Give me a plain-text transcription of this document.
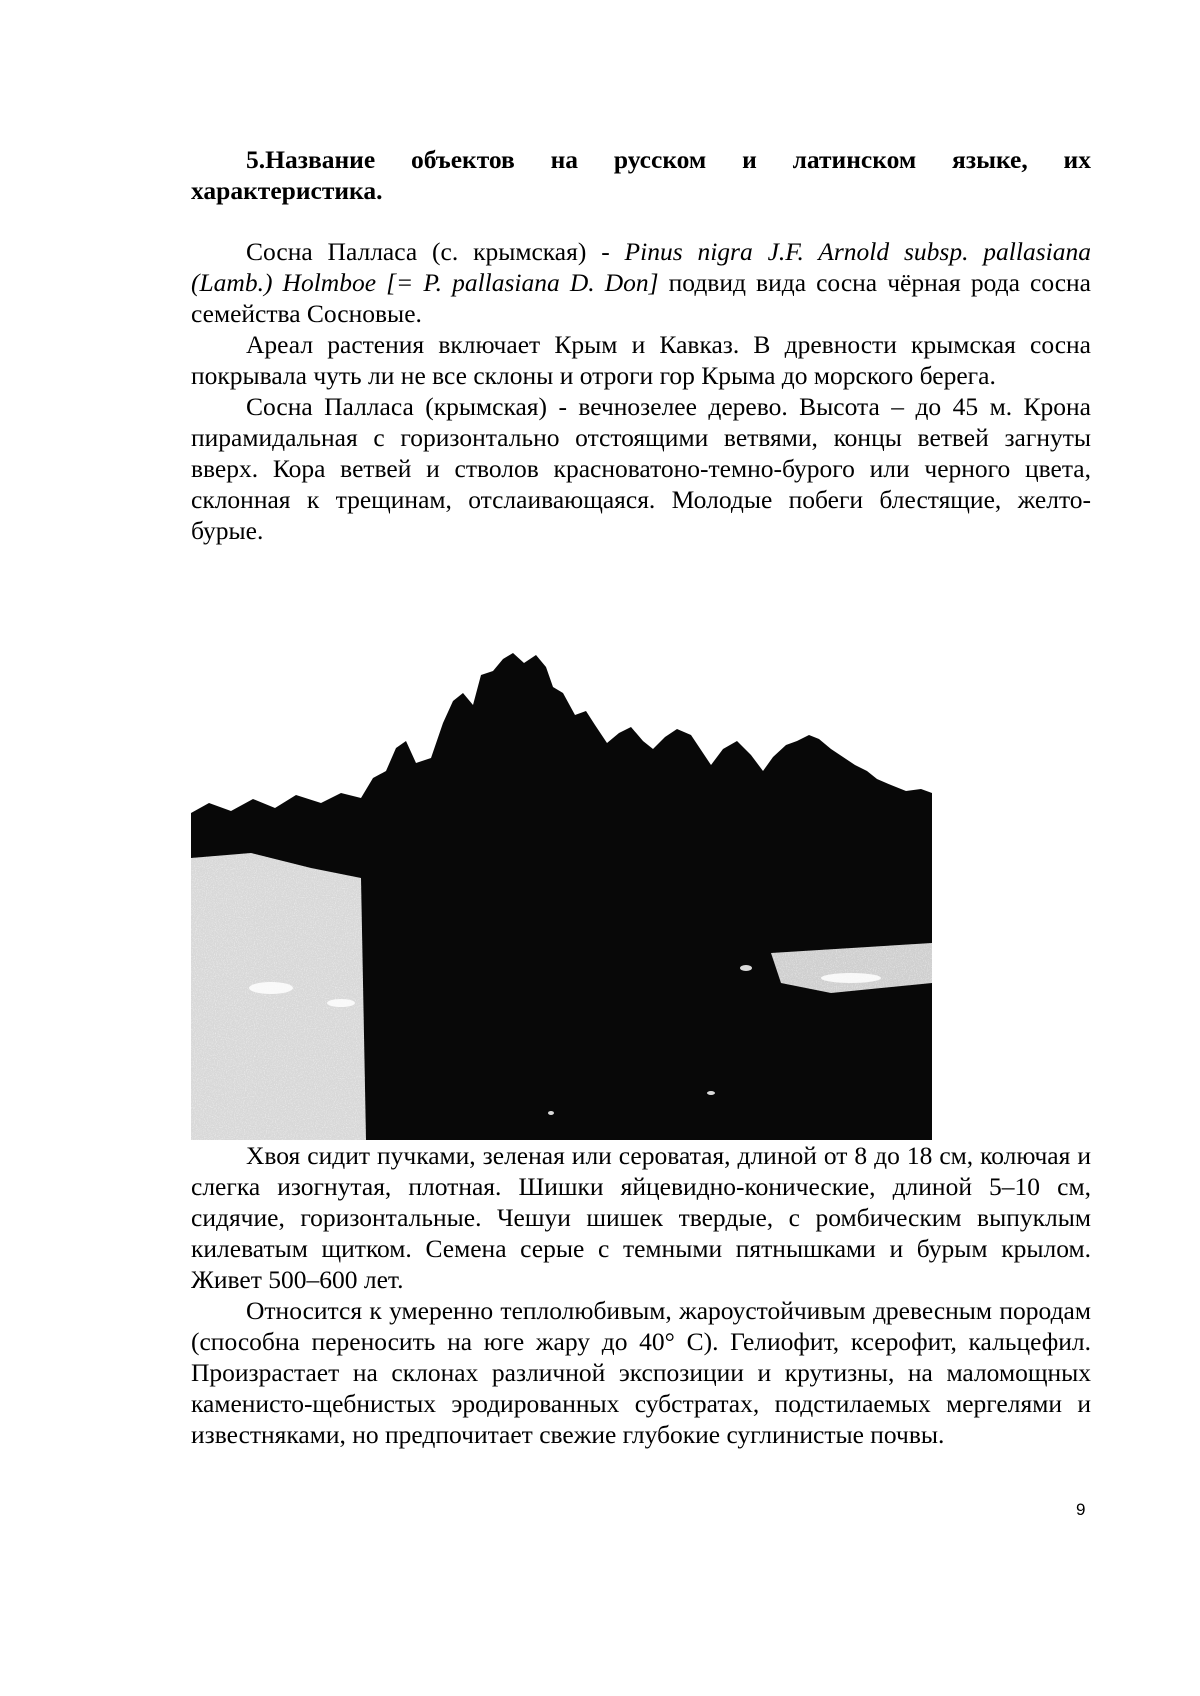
5.Название объектов на русском и латинском языке, их
характеристика.

Сосна Палласа (с. крымская) - Pinus nigra J.F. Arnold subsp. pallasiana (Lamb.) Holmboe [= P. pallasiana D. Don] подвид вида сосна чёрная рода сосна семейства Сосновые.

Ареал растения включает Крым и Кавказ. В древности крымская сосна покрывала чуть ли не все склоны и отроги гор Крыма до морского берега.

Сосна Палласа (крымская) - вечнозелее дерево. Высота – до 45 м. Крона пирамидальная с горизонтально отстоящими ветвями, концы ветвей загнуты вверх. Кора ветвей и стволов красноватоно-темно-бурого или черного цвета, склонная к трещинам, отслаивающаяся. Молодые побеги блестящие, желто-бурые.

Хвоя сидит пучками, зеленая или сероватая, длиной от 8 до 18 см, колючая и слегка изогнутая, плотная. Шишки яйцевидно-конические, длиной 5–10 см, сидячие, горизонтальные. Чешуи шишек твердые, с ромбическим выпуклым килеватым щитком. Семена серые с темными пятнышками и бурым крылом. Живет 500–600 лет.

Относится к умеренно теплолюбивым, жароустойчивым древесным породам (способна переносить на юге жару до 40° С). Гелиофит, ксерофит, кальцефил. Произрастает на склонах различной экспозиции и крутизны, на маломощных каменисто-щебнистых эродированных субстратах, подстилаемых мергелями и известняками, но предпочитает свежие глубокие суглинистые почвы.

9
